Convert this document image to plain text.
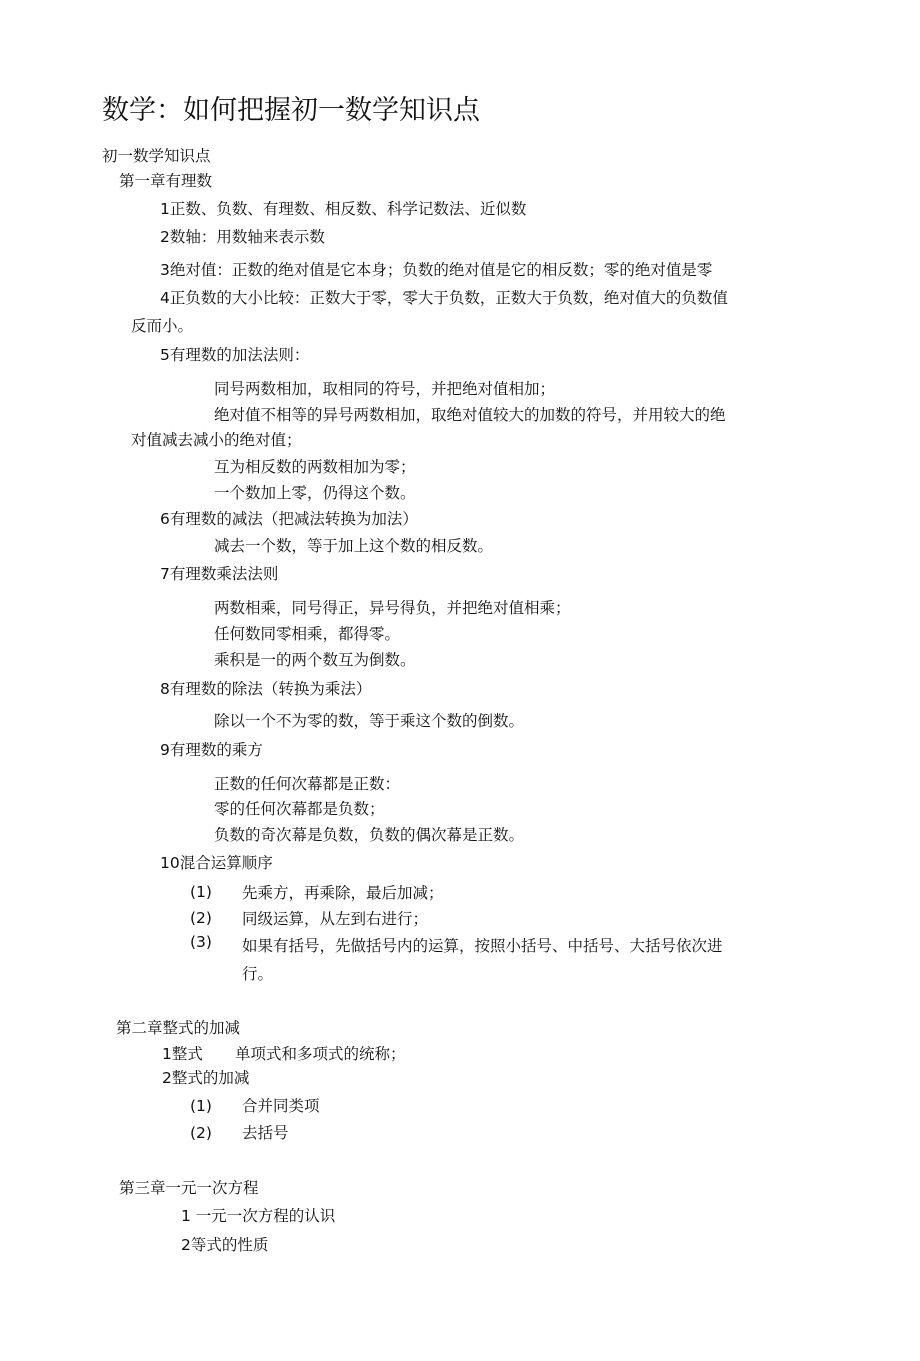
数学：如何把握初一数学知识点
初一数学知识点
第一章有理数
1正数、负数、有理数、相反数、科学记数法、近似数
2数轴：用数轴来表示数
3绝对值：正数的绝对值是它本身；负数的绝对值是它的相反数；零的绝对值是零
4正负数的大小比较：正数大于零，零大于负数，正数大于负数，绝对值大的负数值
反而小。
5有理数的加法法则：
同号两数相加，取相同的符号，并把绝对值相加；
绝对值不相等的异号两数相加，取绝对值较大的加数的符号，并用较大的绝
对值减去减小的绝对值；
互为相反数的两数相加为零；
一个数加上零，仍得这个数。
6有理数的减法（把减法转换为加法）
减去一个数，等于加上这个数的相反数。
7有理数乘法法则
两数相乘，同号得正，异号得负，并把绝对值相乘；
任何数同零相乘，都得零。
乘积是一的两个数互为倒数。
8有理数的除法（转换为乘法）
除以一个不为零的数，等于乘这个数的倒数。
9有理数的乘方
正数的任何次幕都是正数：
零的任何次幕都是负数；
负数的奇次幕是负数，负数的偶次幕是正数。
10混合运算顺序
(1) 先乘方，再乘除，最后加减；
(2) 同级运算，从左到右进行；
(3) 如果有括号，先做括号内的运算，按照小括号、中括号、大括号依次进
行。
第二章整式的加减
1整式 单项式和多项式的统称；
2整式的加减
(1) 合并同类项
(2) 去括号
第三章一元一次方程
1 一元一次方程的认识
2等式的性质
